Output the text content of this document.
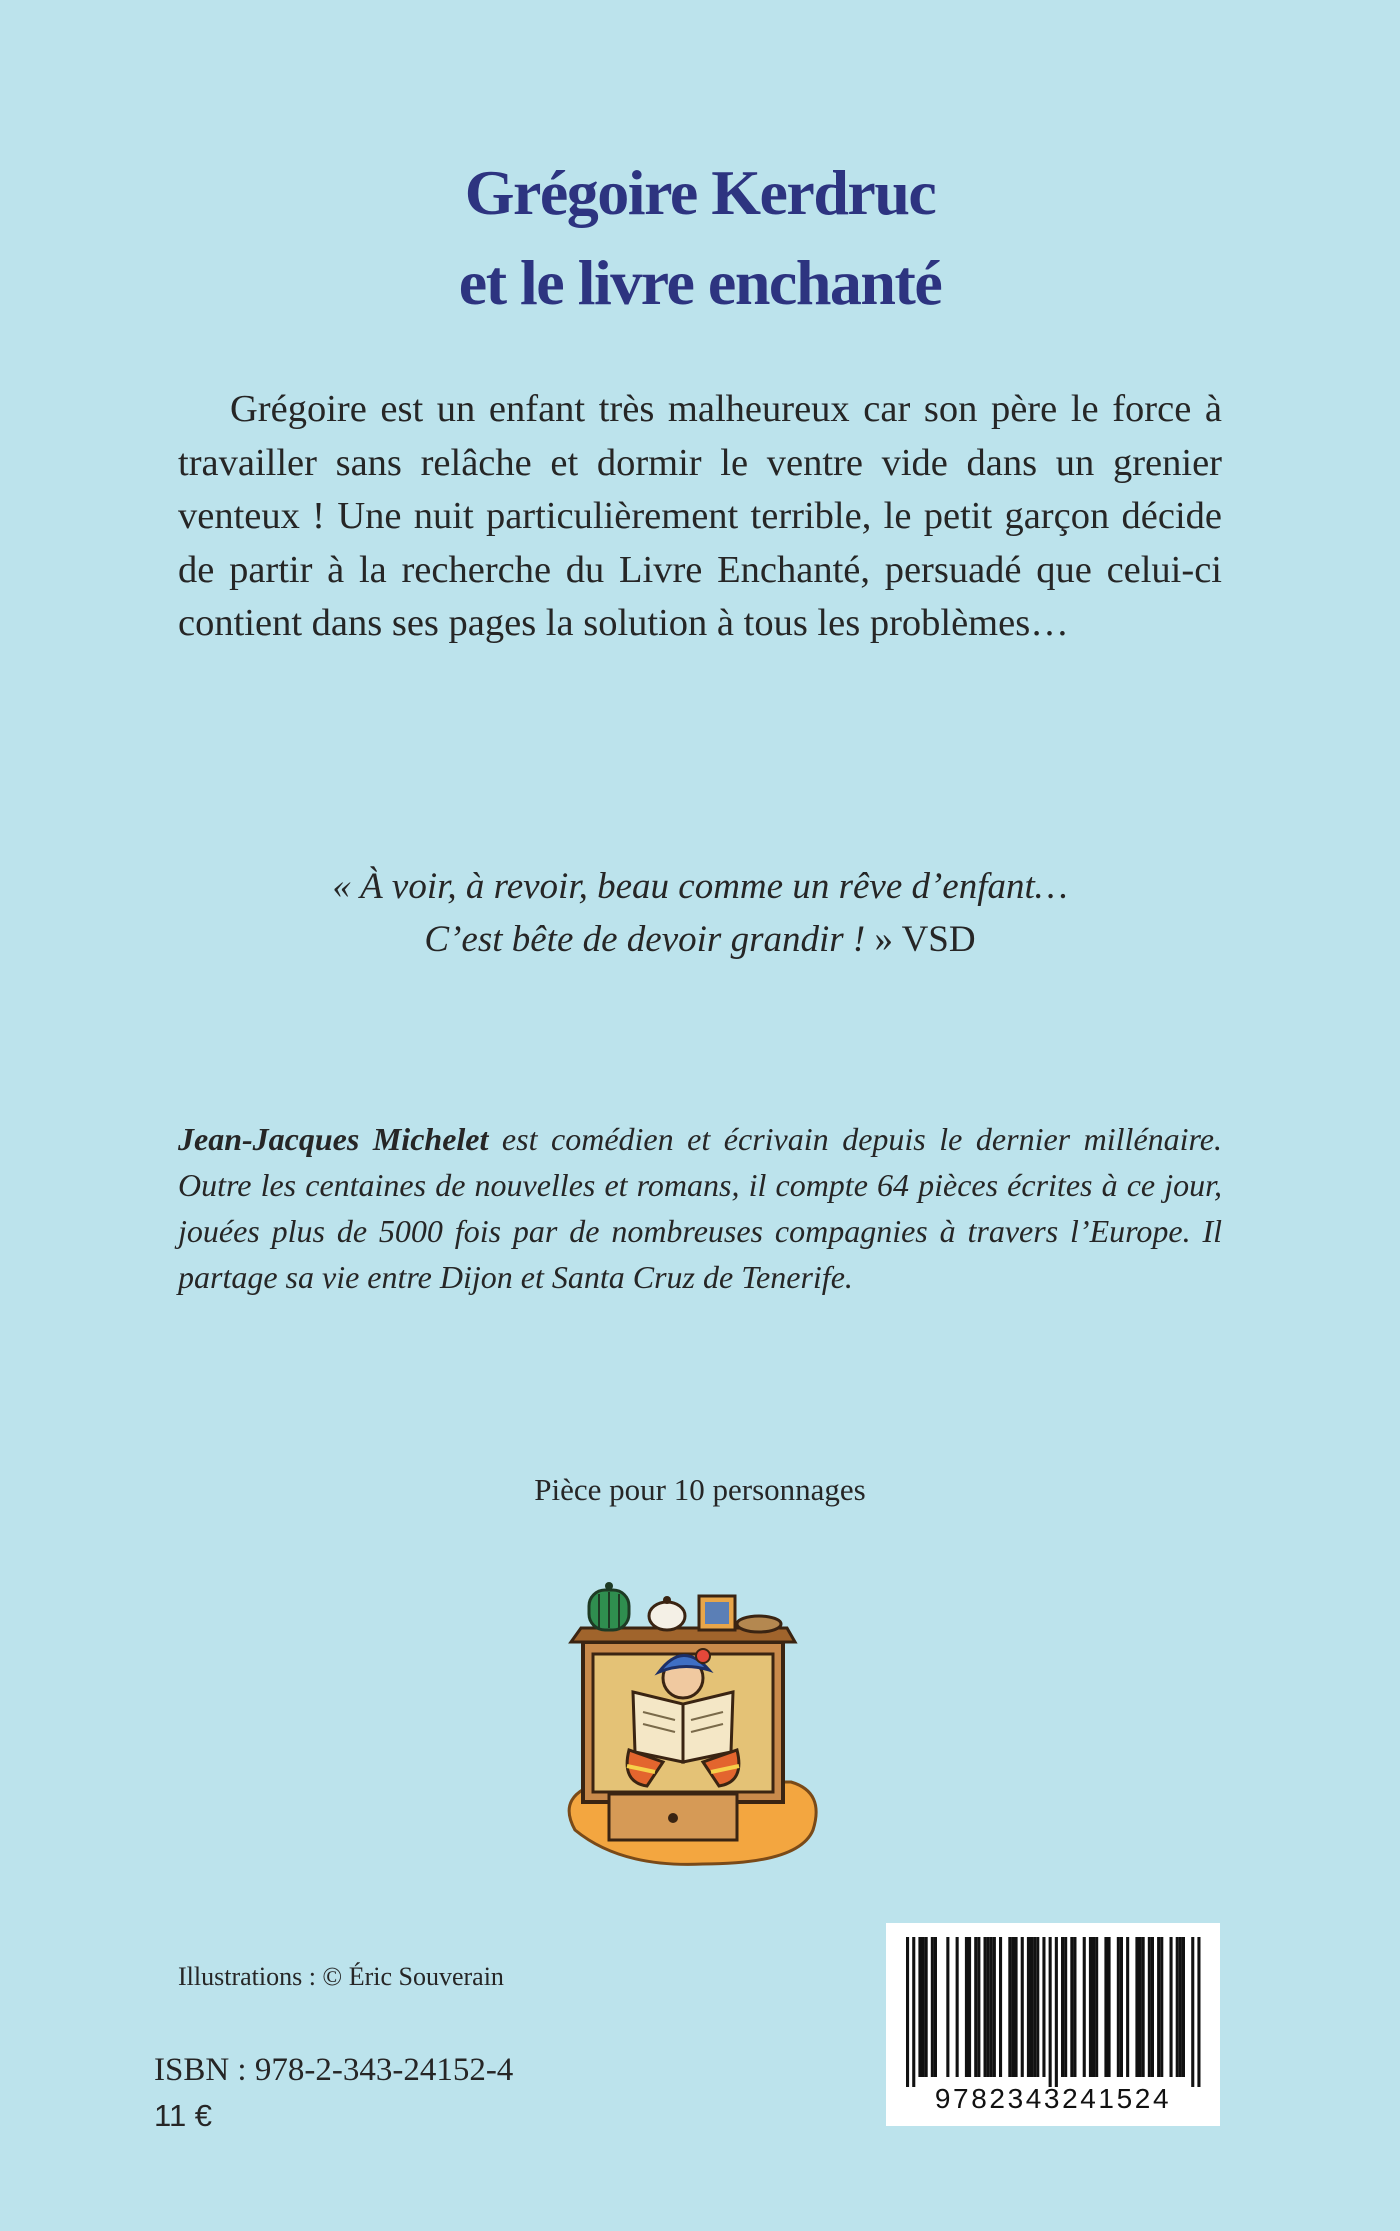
Grégoire Kerdruc
et le livre enchanté

Grégoire est un enfant très malheureux car son père le force à travailler sans relâche et dormir le ventre vide dans un grenier venteux ! Une nuit particulièrement terrible, le petit garçon décide de partir à la recherche du Livre Enchanté, persuadé que celui-ci contient dans ses pages la solution à tous les problèmes…

« À voir, à revoir, beau comme un rêve d’enfant…
C’est bête de devoir grandir ! » VSD

Jean-Jacques Michelet est comédien et écrivain depuis le dernier millénaire. Outre les centaines de nouvelles et romans, il compte 64 pièces écrites à ce jour, jouées plus de 5000 fois par de nombreuses compagnies à travers l’Europe. Il partage sa vie entre Dijon et Santa Cruz de Tenerife.

Pièce pour 10 personnages
Illustrations : © Éric Souverain
ISBN : 978-2-343-24152-4
11 €	9782343241524
